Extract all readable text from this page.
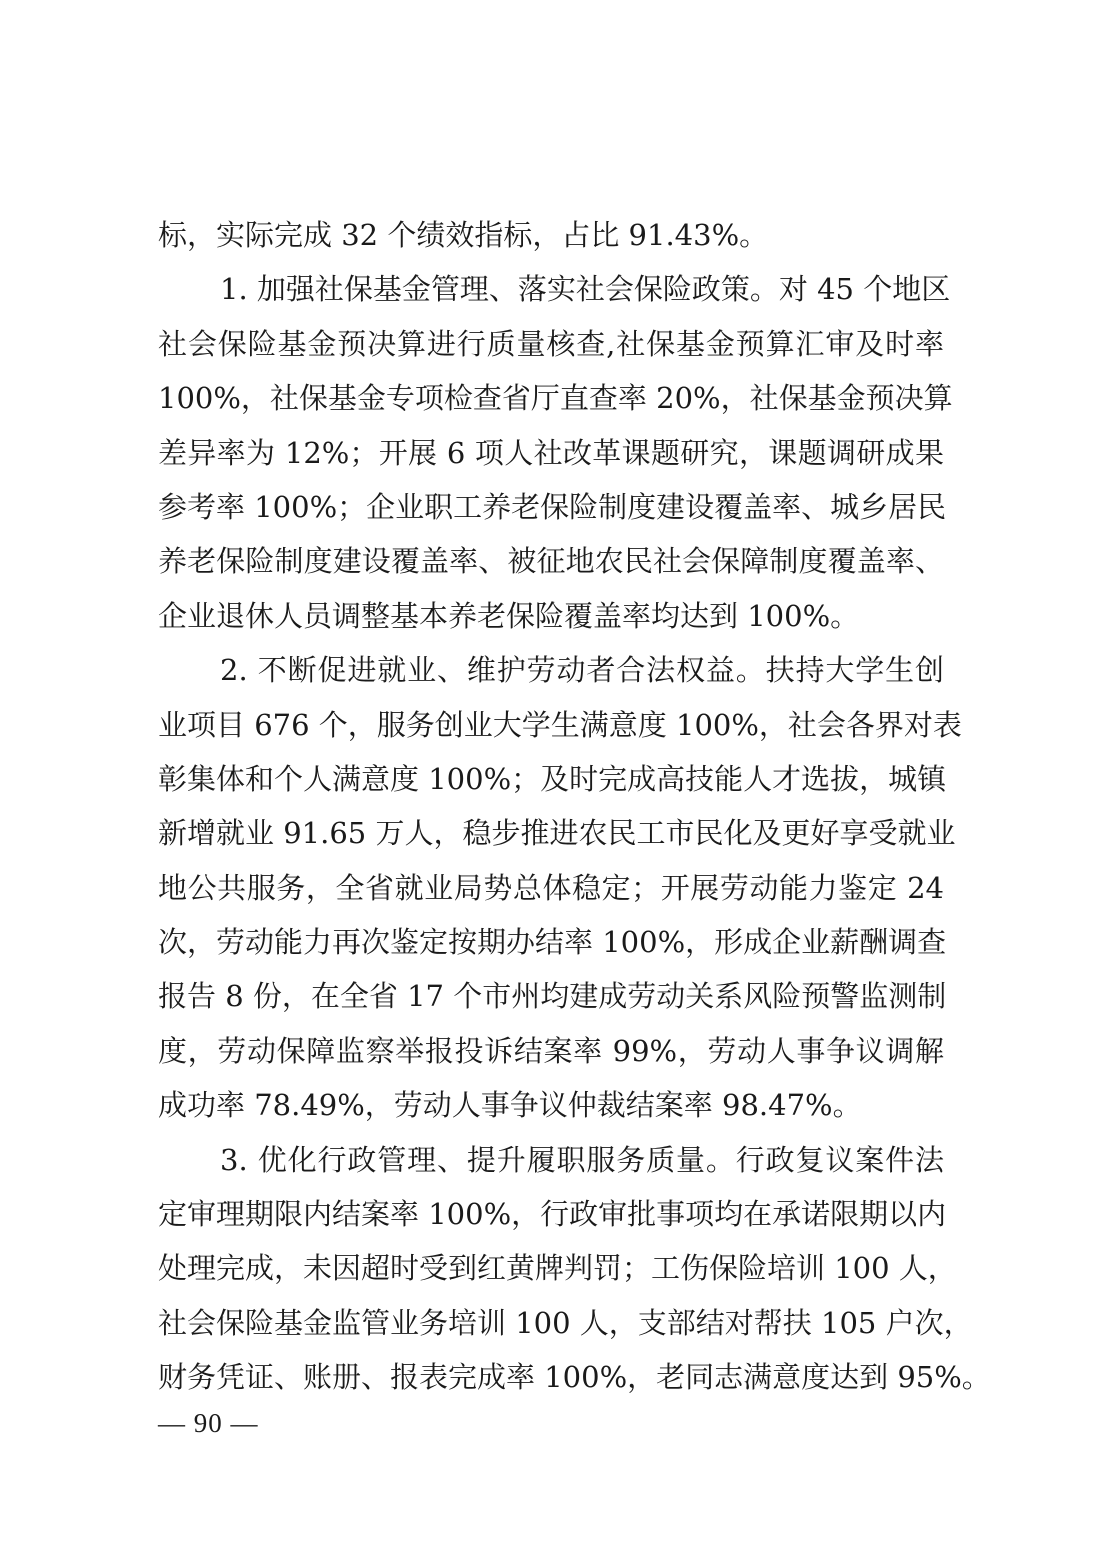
标，实际完成 32 个绩效指标，占比 91.43%。
1. 加强社保基金管理、落实社会保险政策。对 45 个地区
社会保险基金预决算进行质量核查,社保基金预算汇审及时率
100%，社保基金专项检查省厅直查率 20%，社保基金预决算
差异率为 12%；开展 6 项人社改革课题研究，课题调研成果
参考率 100%；企业职工养老保险制度建设覆盖率、城乡居民
养老保险制度建设覆盖率、被征地农民社会保障制度覆盖率、
企业退休人员调整基本养老保险覆盖率均达到 100%。
2. 不断促进就业、维护劳动者合法权益。扶持大学生创
业项目 676 个，服务创业大学生满意度 100%，社会各界对表
彰集体和个人满意度 100%；及时完成高技能人才选拔，城镇
新增就业 91.65 万人，稳步推进农民工市民化及更好享受就业
地公共服务，全省就业局势总体稳定；开展劳动能力鉴定 24
次，劳动能力再次鉴定按期办结率 100%，形成企业薪酬调查
报告 8 份，在全省 17 个市州均建成劳动关系风险预警监测制
度，劳动保障监察举报投诉结案率 99%，劳动人事争议调解
成功率 78.49%，劳动人事争议仲裁结案率 98.47%。
3. 优化行政管理、提升履职服务质量。行政复议案件法
定审理期限内结案率 100%，行政审批事项均在承诺限期以内
处理完成，未因超时受到红黄牌判罚；工伤保险培训 100 人，
社会保险基金监管业务培训 100 人，支部结对帮扶 105 户次，
财务凭证、账册、报表完成率 100%，老同志满意度达到 95%。
— 90 —
